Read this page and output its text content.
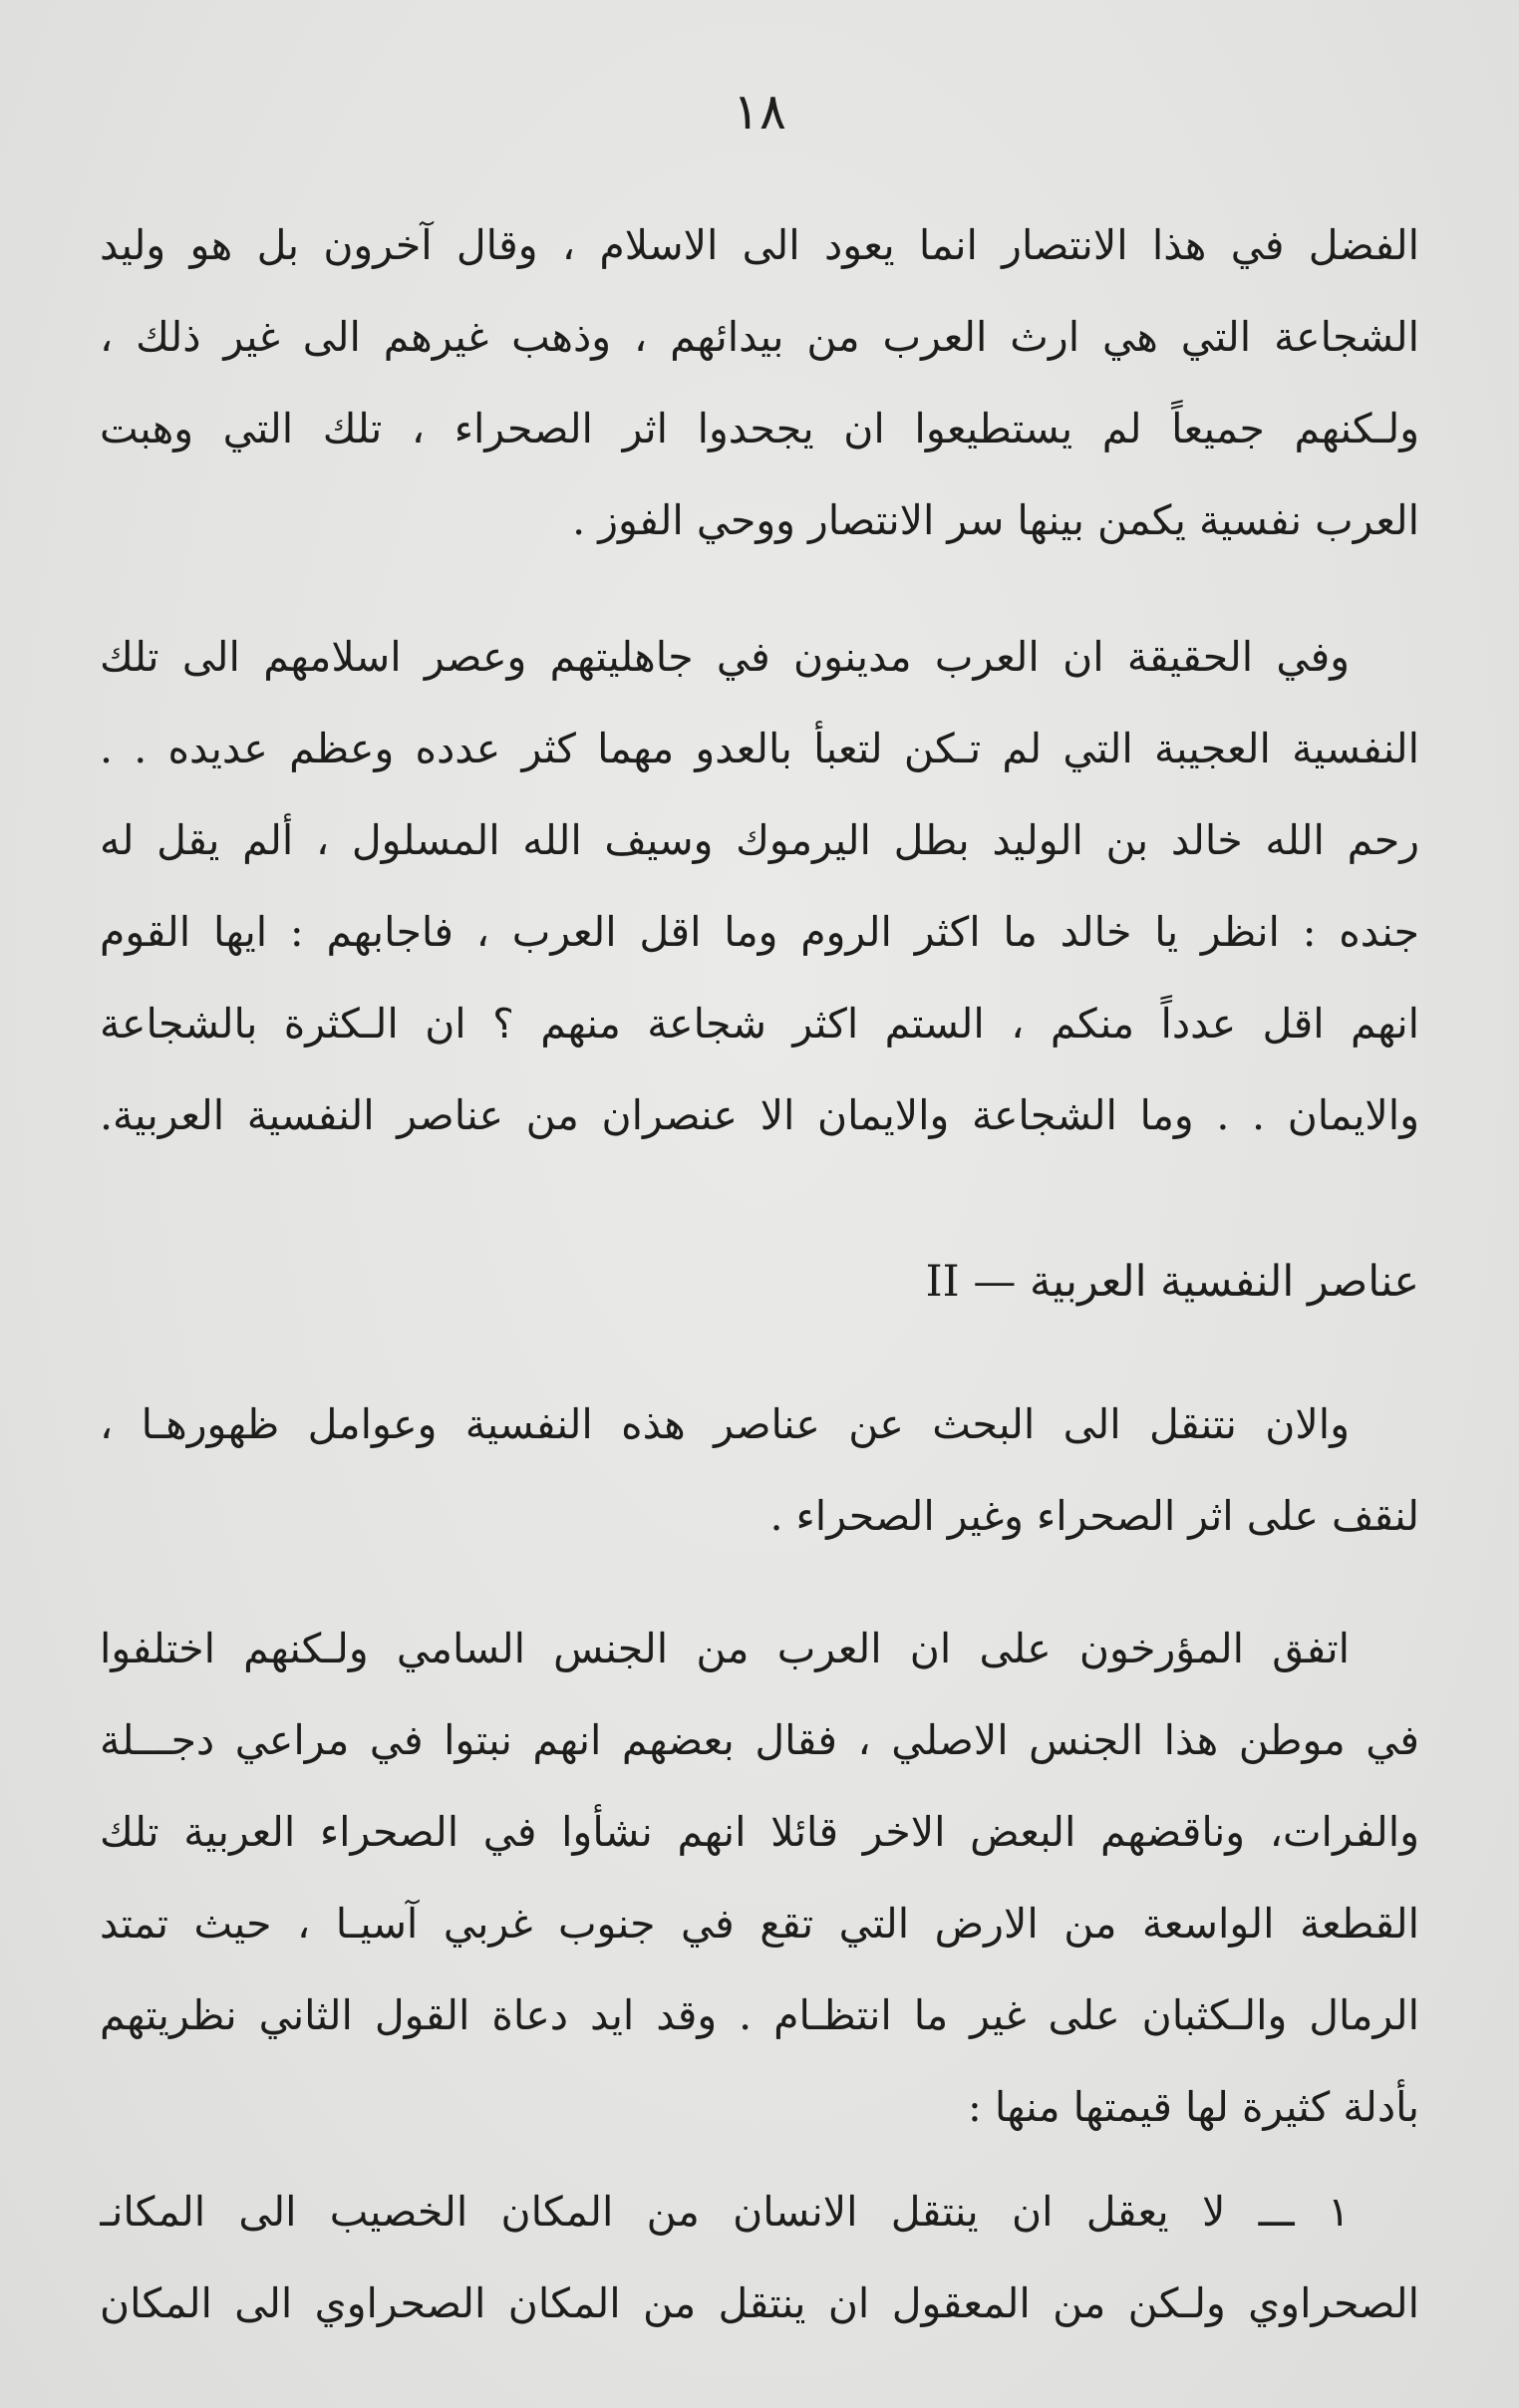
١٨
الفضل في هذا الانتصار انما يعود الى الاسلام ، وقال آخرون بل هو وليد
الشجاعة التي هي ارث العرب من بيدائهم ، وذهب غيرهم الى غير ذلك ،
ولـكنهم جميعاً لم يستطيعوا ان يجحدوا اثر الصحراء ، تلك التي وهبت
العرب نفسية يكمن بينها سر الانتصار ووحي الفوز .
وفي الحقيقة ان العرب مدينون في جاهليتهم وعصر اسلامهم الى تلك
النفسية العجيبة التي لم تـكن لتعبأ بالعدو مهما كثر عدده وعظم عديده . .
رحم الله خالد بن الوليد بطل اليرموك وسيف الله المسلول ، ألم يقل له
جنده : انظر يا خالد ما اكثر الروم وما اقل العرب ، فاجابهم : ايها القوم
انهم اقل عدداً منكم ، الستم اكثر شجاعة منهم ؟ ان الـكثرة بالشجاعة
والايمان . . وما الشجاعة والايمان الا عنصران من عناصر النفسية العربية.
عناصر النفسية العربية — II
والان نتنقل الى البحث عن عناصر هذه النفسية وعوامل ظهورهـا ،
لنقف على اثر الصحراء وغير الصحراء .
اتفق المؤرخون على ان العرب من الجنس السامي ولـكنهم اختلفوا
في موطن هذا الجنس الاصلي ، فقال بعضهم انهم نبتوا في مراعي دجـــلة
والفرات، وناقضهم البعض الاخر قائلا انهم نشأوا في الصحراء العربية تلك
القطعة الواسعة من الارض التي تقع في جنوب غربي آسيـا ، حيث تمتد
الرمال والـكثبان على غير ما انتظـام . وقد ايد دعاة القول الثاني نظريتهم
بأدلة كثيرة لها قيمتها منها :
١ ـــ لا يعقل ان ينتقل الانسان من المكان الخصيب الى المكانـ
الصحراوي ولـكن من المعقول ان ينتقل من المكان الصحراوي الى المكان
